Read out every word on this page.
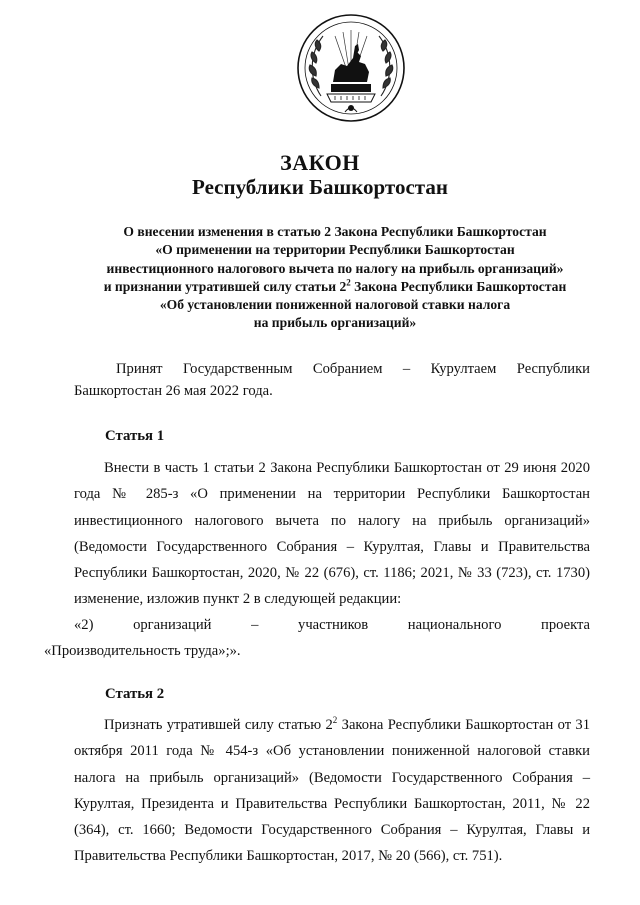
ЗАКОН
Республики Башкортостан
О внесении изменения в статью 2 Закона Республики Башкортостан
«О применении на территории Республики Башкортостан
инвестиционного налогового вычета по налогу на прибыль организаций»
и признании утратившей силу статьи $2^2$ Закона Республики Башкортостан
«Об установлении пониженной налоговой ставки налога
на прибыль организаций»
Принят Государственным Собранием – Курултаем Республики Башкортостан 26 мая 2022 года.
Статья 1
Внести в часть 1 статьи 2 Закона Республики Башкортостан от 29 июня 2020 года № 285-з «О применении на территории Республики Башкортостан инвестиционного налогового вычета по налогу на прибыль организаций» (Ведомости Государственного Собрания – Курултая, Главы и Правительства Республики Башкортостан, 2020, № 22 (676), ст. 1186; 2021, № 33 (723), ст. 1730) изменение, изложив пункт 2 в следующей редакции:
«2) организаций – участников национального проекта
«Производительность труда»;».
Статья 2
Признать утратившей силу статью $2^2$ Закона Республики Башкортостан от 31 октября 2011 года № 454-з «Об установлении пониженной налоговой ставки налога на прибыль организаций» (Ведомости Государственного Собрания – Курултая, Президента и Правительства Республики Башкортостан, 2011, № 22 (364), ст. 1660; Ведомости Государственного Собрания – Курултая, Главы и Правительства Республики Башкортостан, 2017, № 20 (566), ст. 751).
